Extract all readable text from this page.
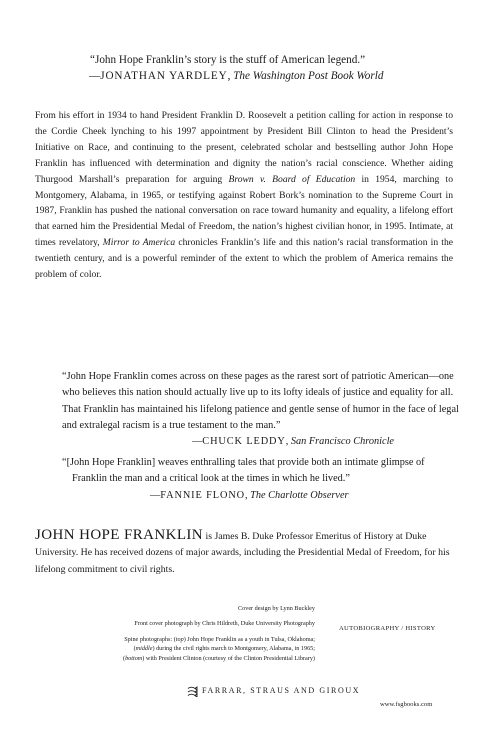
“John Hope Franklin’s story is the stuff of American legend.”
—JONATHAN YARDLEY, The Washington Post Book World
From his effort in 1934 to hand President Franklin D. Roosevelt a petition calling for action in response to the Cordie Cheek lynching to his 1997 appointment by President Bill Clinton to head the President’s Initiative on Race, and continuing to the present, celebrated scholar and bestselling author John Hope Franklin has influenced with determination and dignity the nation’s racial conscience. Whether aiding Thurgood Marshall’s preparation for arguing Brown v. Board of Education in 1954, marching to Montgomery, Alabama, in 1965, or testifying against Robert Bork’s nomination to the Supreme Court in 1987, Franklin has pushed the national conversation on race toward humanity and equality, a lifelong effort that earned him the Presidential Medal of Freedom, the nation’s highest civilian honor, in 1995. Intimate, at times revelatory, Mirror to America chronicles Franklin’s life and this nation’s racial transformation in the twentieth century, and is a powerful reminder of the extent to which the problem of America remains the problem of color.
“John Hope Franklin comes across on these pages as the rarest sort of patriotic American—one who believes this nation should actually live up to its lofty ideals of justice and equality for all. That Franklin has maintained his lifelong patience and gentle sense of humor in the face of legal and extralegal racism is a true testament to the man.”
—CHUCK LEDDY, San Francisco Chronicle
“[John Hope Franklin] weaves enthralling tales that provide both an intimate glimpse of
Franklin the man and a critical look at the times in which he lived.”
—FANNIE FLONO, The Charlotte Observer
JOHN HOPE FRANKLIN is James B. Duke Professor Emeritus of History at Duke University. He has received dozens of major awards, including the Presidential Medal of Freedom, for his lifelong commitment to civil rights.
Cover design by Lynn Buckley
Front cover photograph by Chris Hildreth, Duke University Photography
Spine photographs: (top) John Hope Franklin as a youth in Tulsa, Oklahoma;
(middle) during the civil rights march to Montgomery, Alabama, in 1965;
(bottom) with President Clinton (courtesy of the Clinton Presidential Library)
AUTOBIOGRAPHY / HISTORY
FARRAR, STRAUS AND GIROUX
www.fsgbooks.com
